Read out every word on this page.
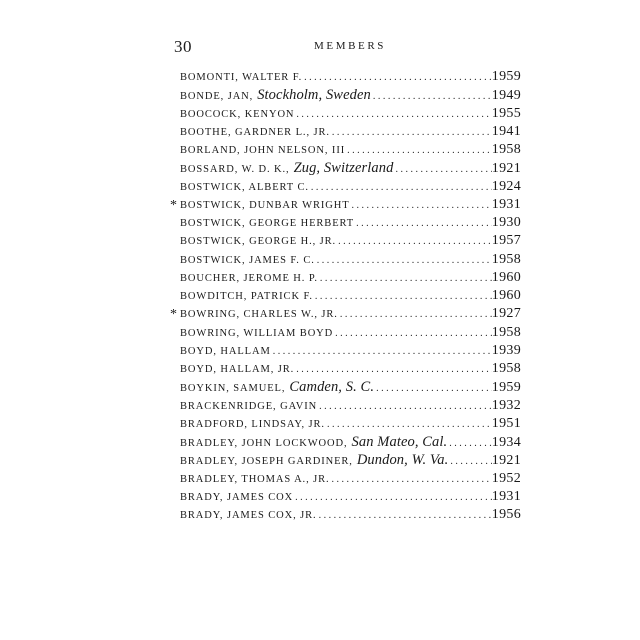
30	MEMBERS
BOMONTI, WALTER F. . . .	1959
BONDE, JAN, Stockholm, Sweden . . .	1949
BOOCOCK, KENYON . . .	1955
BOOTHE, GARDNER L., JR. . . .	1941
BORLAND, JOHN NELSON, III . . .	1958
BOSSARD, W. D. K., Zug, Switzerland . . .	1921
BOSTWICK, ALBERT C. . . .	1924
* BOSTWICK, DUNBAR WRIGHT . . .	1931
BOSTWICK, GEORGE HERBERT . . .	1930
BOSTWICK, GEORGE H., JR. . . .	1957
BOSTWICK, JAMES F. C. . . .	1958
BOUCHER, JEROME H. P. . . .	1960
BOWDITCH, PATRICK F. . . .	1960
* BOWRING, CHARLES W., JR. . . .	1927
BOWRING, WILLIAM BOYD . . .	1958
BOYD, HALLAM . . .	1939
BOYD, HALLAM, JR. . . .	1958
BOYKIN, SAMUEL, Camden, S. C. . . .	1959
BRACKENRIDGE, GAVIN . . .	1932
BRADFORD, LINDSAY, JR. . . .	1951
BRADLEY, JOHN LOCKWOOD, San Mateo, Cal. . . .	1934
BRADLEY, JOSEPH GARDINER, Dundon, W. Va. . . .	1921
BRADLEY, THOMAS A., JR. . . .	1952
BRADY, JAMES COX . . .	1931
BRADY, JAMES COX, JR. . . .	1956
